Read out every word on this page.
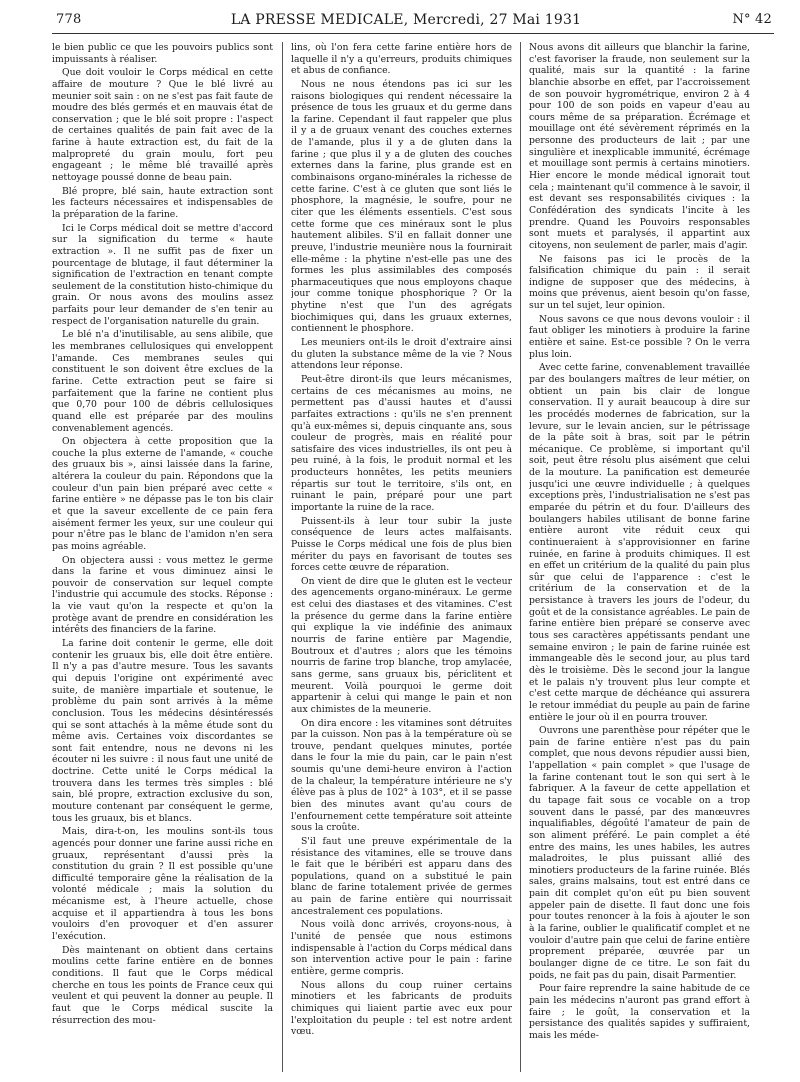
778	LA PRESSE MEDICALE, Mercredi, 27 Mai 1931	N° 42

le bien public ce que les pouvoirs publics sont impuissants à réaliser.

Que doit vouloir le Corps médical en cette affaire de mouture ? Que le blé livré au meunier soit sain : on ne s'est pas fait faute de moudre des blés germés et en mauvais état de conservation ; que le blé soit propre : l'aspect de certaines qualités de pain fait avec de la farine à haute extraction est, du fait de la malpropreté du grain moulu, fort peu engageant ; le même blé travaillé après nettoyage poussé donne de beau pain.

Blé propre, blé sain, haute extraction sont les facteurs nécessaires et indispensables de la préparation de la farine.

Ici le Corps médical doit se mettre d'accord sur la signification du terme « haute extraction ». Il ne suffit pas de fixer un pourcentage de blutage, il faut déterminer la signification de l'extraction en tenant compte seulement de la constitution histo-chimique du grain. Or nous avons des moulins assez parfaits pour leur demander de s'en tenir au respect de l'organisation naturelle du grain.

Le blé n'a d'inutilisable, au sens alibile, que les membranes cellulosiques qui enveloppent l'amande. Ces membranes seules qui constituent le son doivent être exclues de la farine. Cette extraction peut se faire si parfaitement que la farine ne contient plus que 0,70 pour 100 de débris cellulosiques quand elle est préparée par des moulins convenablement agencés.

On objectera à cette proposition que la couche la plus externe de l'amande, « couche des gruaux bis », ainsi laissée dans la farine, altérera la couleur du pain. Répondons que la couleur d'un pain bien préparé avec cette « farine entière » ne dépasse pas le ton bis clair et que la saveur excellente de ce pain fera aisément fermer les yeux, sur une couleur qui pour n'être pas le blanc de l'amidon n'en sera pas moins agréable.

On objectera aussi : vous mettez le germe dans la farine et vous diminuez ainsi le pouvoir de conservation sur lequel compte l'industrie qui accumule des stocks. Réponse : la vie vaut qu'on la respecte et qu'on la protège avant de prendre en considération les intérêts des financiers de la farine.

La farine doit contenir le germe, elle doit contenir les gruaux bis, elle doit être entière. Il n'y a pas d'autre mesure. Tous les savants qui depuis l'origine ont expérimenté avec suite, de manière impartiale et soutenue, le problème du pain sont arrivés à la même conclusion. Tous les médecins désintéressés qui se sont attachés à la même étude sont du même avis. Certaines voix discordantes se sont fait entendre, nous ne devons ni les écouter ni les suivre : il nous faut une unité de doctrine. Cette unité le Corps médical la trouvera dans les termes très simples : blé sain, blé propre, extraction exclusive du son, mouture contenant par conséquent le germe, tous les gruaux, bis et blancs.

Mais, dira-t-on, les moulins sont-ils tous agencés pour donner une farine aussi riche en gruaux, représentant d'aussi près la constitution du grain ? Il est possible qu'une difficulté temporaire gêne la réalisation de la volonté médicale ; mais la solution du mécanisme est, à l'heure actuelle, chose acquise et il appartiendra à tous les bons vouloirs d'en provoquer et d'en assurer l'exécution.

Dès maintenant on obtient dans certains moulins cette farine entière en de bonnes conditions. Il faut que le Corps médical cherche en tous les points de France ceux qui veulent et qui peuvent la donner au peuple. Il faut que le Corps médical suscite la résurrection des mou-

lins, où l'on fera cette farine entière hors de laquelle il n'y a qu'erreurs, produits chimiques et abus de confiance.

Nous ne nous étendons pas ici sur les raisons biologiques qui rendent nécessaire la présence de tous les gruaux et du germe dans la farine. Cependant il faut rappeler que plus il y a de gruaux venant des couches externes de l'amande, plus il y a de gluten dans la farine ; que plus il y a de gluten des couches externes dans la farine, plus grande est en combinaisons organo-minérales la richesse de cette farine. C'est à ce gluten que sont liés le phosphore, la magnésie, le soufre, pour ne citer que les éléments essentiels. C'est sous cette forme que ces minéraux sont le plus hautement alibiles. S'il en fallait donner une preuve, l'industrie meunière nous la fournirait elle-même : la phytine n'est-elle pas une des formes les plus assimilables des composés pharmaceutiques que nous employons chaque jour comme tonique phosphorique ? Or la phytine n'est que l'un des agrégats biochimiques qui, dans les gruaux externes, contiennent le phosphore.

Les meuniers ont-ils le droit d'extraire ainsi du gluten la substance même de la vie ? Nous attendons leur réponse.

Peut-être diront-ils que leurs mécanismes, certains de ces mécanismes au moins, ne permettent pas d'aussi hautes et d'aussi parfaites extractions : qu'ils ne s'en prennent qu'à eux-mêmes si, depuis cinquante ans, sous couleur de progrès, mais en réalité pour satisfaire des vices industrielles, ils ont peu à peu ruiné, à la fois, le produit normal et les producteurs honnêtes, les petits meuniers répartis sur tout le territoire, s'ils ont, en ruinant le pain, préparé pour une part importante la ruine de la race.

Puissent-ils à leur tour subir la juste conséquence de leurs actes malfaisants. Puisse le Corps médical une fois de plus bien mériter du pays en favorisant de toutes ses forces cette œuvre de réparation.

On vient de dire que le gluten est le vecteur des agencements organo-minéraux. Le germe est celui des diastases et des vitamines. C'est la présence du germe dans la farine entière qui explique la vie indéfinie des animaux nourris de farine entière par Magendie, Boutroux et d'autres ; alors que les témoins nourris de farine trop blanche, trop amylacée, sans germe, sans gruaux bis, périclitent et meurent. Voilà pourquoi le germe doit appartenir à celui qui mange le pain et non aux chimistes de la meunerie.

On dira encore : les vitamines sont détruites par la cuisson. Non pas à la température où se trouve, pendant quelques minutes, portée dans le four la mie du pain, car le pain n'est soumis qu'une demi-heure environ à l'action de la chaleur, la température intérieure ne s'y élève pas à plus de 102° à 103°, et il se passe bien des minutes avant qu'au cours de l'enfournement cette température soit atteinte sous la croûte.

S'il faut une preuve expérimentale de la résistance des vitamines, elle se trouve dans le fait que le béribéri est apparu dans des populations, quand on a substitué le pain blanc de farine totalement privée de germes au pain de farine entière qui nourrissait ancestralement ces populations.

Nous voilà donc arrivés, croyons-nous, à l'unité de pensée que nous estimons indispensable à l'action du Corps médical dans son intervention active pour le pain : farine entière, germe compris.

Nous allons du coup ruiner certains minotiers et les fabricants de produits chimiques qui liaient partie avec eux pour l'exploitation du peuple : tel est notre ardent vœu.

Nous avons dit ailleurs que blanchir la farine, c'est favoriser la fraude, non seulement sur la qualité, mais sur la quantité : la farine blanchie absorbe en effet, par l'accroissement de son pouvoir hygrométrique, environ 2 à 4 pour 100 de son poids en vapeur d'eau au cours même de sa préparation. Écrémage et mouillage ont été sévèrement réprimés en la personne des producteurs de lait ; par une singulière et inexplicable immunité, écrémage et mouillage sont permis à certains minotiers. Hier encore le monde médical ignorait tout cela ; maintenant qu'il commence à le savoir, il est devant ses responsabilités civiques : la Confédération des syndicats l'incite à les prendre. Quand les Pouvoirs responsables sont muets et paralysés, il appartint aux citoyens, non seulement de parler, mais d'agir.

Ne faisons pas ici le procès de la falsification chimique du pain : il serait indigne de supposer que des médecins, à moins que prévenus, aient besoin qu'on fasse, sur un tel sujet, leur opinion.

Nous savons ce que nous devons vouloir : il faut obliger les minotiers à produire la farine entière et saine. Est-ce possible ? On le verra plus loin.

Avec cette farine, convenablement travaillée par des boulangers maîtres de leur métier, on obtient un pain bis clair de longue conservation. Il y aurait beaucoup à dire sur les procédés modernes de fabrication, sur la levure, sur le levain ancien, sur le pétrissage de la pâte soit à bras, soit par le pétrin mécanique. Ce problème, si important qu'il soit, peut être résolu plus aisément que celui de la mouture. La panification est demeurée jusqu'ici une œuvre individuelle ; à quelques exceptions près, l'industrialisation ne s'est pas emparée du pétrin et du four. D'ailleurs des boulangers habiles utilisant de bonne farine entière auront vite réduit ceux qui continueraient à s'approvisionner en farine ruinée, en farine à produits chimiques. Il est en effet un critérium de la qualité du pain plus sûr que celui de l'apparence : c'est le critérium de la conservation et de la persistance à travers les jours de l'odeur, du goût et de la consistance agréables. Le pain de farine entière bien préparé se conserve avec tous ses caractères appétissants pendant une semaine environ ; le pain de farine ruinée est immangeable dès le second jour, au plus tard dès le troisième. Dès le second jour la langue et le palais n'y trouvent plus leur compte et c'est cette marque de déchéance qui assurera le retour immédiat du peuple au pain de farine entière le jour où il en pourra trouver.

Ouvrons une parenthèse pour répéter que le pain de farine entière n'est pas du pain complet, que nous devons répudier aussi bien, l'appellation « pain complet » que l'usage de la farine contenant tout le son qui sert à le fabriquer. A la faveur de cette appellation et du tapage fait sous ce vocable on a trop souvent dans le passé, par des manœuvres inqualifiables, dégoûté l'amateur de pain de son aliment préféré. Le pain complet a été entre des mains, les unes habiles, les autres maladroites, le plus puissant allié des minotiers producteurs de la farine ruinée. Blés sales, grains malsains, tout est entré dans ce pain dit complet qu'on eût pu bien souvent appeler pain de disette. Il faut donc une fois pour toutes renoncer à la fois à ajouter le son à la farine, oublier le qualificatif complet et ne vouloir d'autre pain que celui de farine entière proprement préparée, œuvrée par un boulanger digne de ce titre. Le son fait du poids, ne fait pas du pain, disait Parmentier.

Pour faire reprendre la saine habitude de ce pain les médecins n'auront pas grand effort à faire ; le goût, la conservation et la persistance des qualités sapides y suffiraient, mais les méde-
